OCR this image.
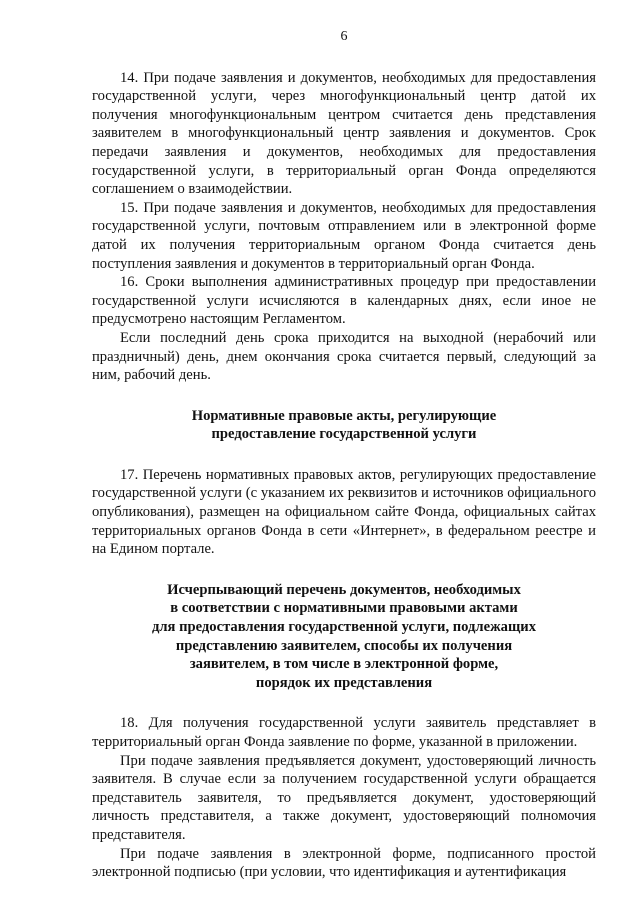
6

14. При подаче заявления и документов, необходимых для предоставления государственной услуги, через многофункциональный центр датой их получения многофункциональным центром считается день представления заявителем в многофункциональный центр заявления и документов. Срок передачи заявления и документов, необходимых для предоставления государственной услуги, в территориальный орган Фонда определяются соглашением о взаимодействии.

15. При подаче заявления и документов, необходимых для предоставления государственной услуги, почтовым отправлением или в электронной форме датой их получения территориальным органом Фонда считается день поступления заявления и документов в территориальный орган Фонда.

16. Сроки выполнения административных процедур при предоставлении государственной услуги исчисляются в календарных днях, если иное не предусмотрено настоящим Регламентом.

Если последний день срока приходится на выходной (нерабочий или праздничный) день, днем окончания срока считается первый, следующий за ним, рабочий день.

Нормативные правовые акты, регулирующие
предоставление государственной услуги

17. Перечень нормативных правовых актов, регулирующих предоставление государственной услуги (с указанием их реквизитов и источников официального опубликования), размещен на официальном сайте Фонда, официальных сайтах территориальных органов Фонда в сети «Интернет», в федеральном реестре и на Едином портале.

Исчерпывающий перечень документов, необходимых
в соответствии с нормативными правовыми актами
для предоставления государственной услуги, подлежащих
представлению заявителем, способы их получения
заявителем, в том числе в электронной форме,
порядок их представления

18. Для получения государственной услуги заявитель представляет в территориальный орган Фонда заявление по форме, указанной в приложении.

При подаче заявления предъявляется документ, удостоверяющий личность заявителя. В случае если за получением государственной услуги обращается представитель заявителя, то предъявляется документ, удостоверяющий личность представителя, а также документ, удостоверяющий полномочия представителя.

При подаче заявления в электронной форме, подписанного простой электронной подписью (при условии, что идентификация и аутентификация
